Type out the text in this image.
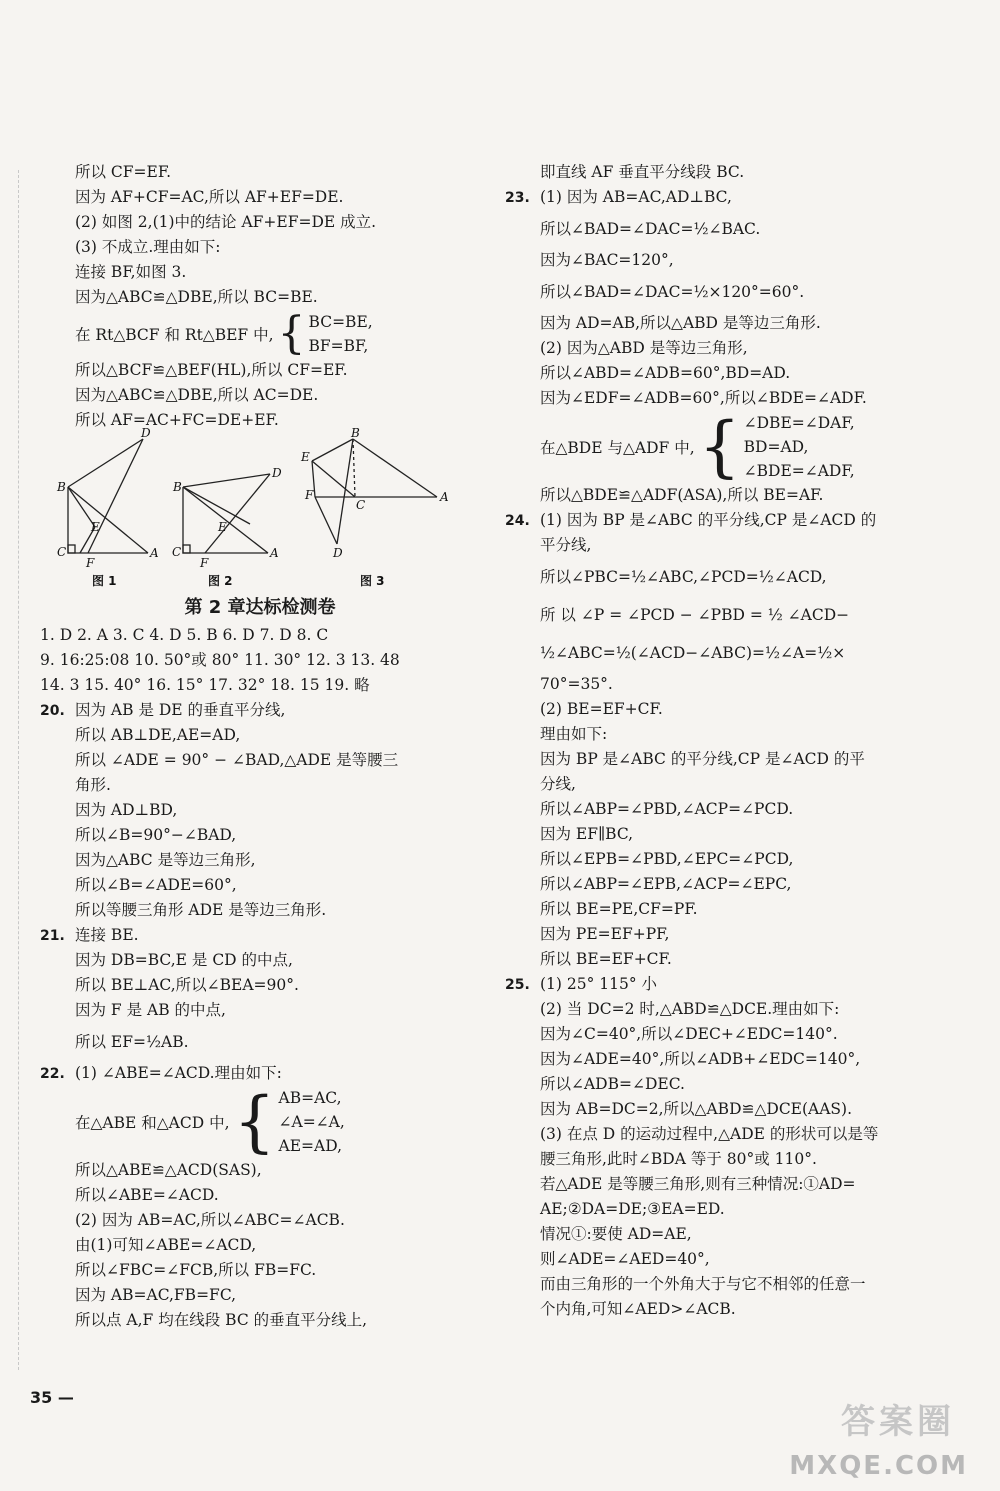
所以 CF=EF.
因为 AF+CF=AC,所以 AF+EF=DE.
(2) 如图 2,(1)中的结论 AF+EF=DE 成立.
(3) 不成立.理由如下:
连接 BF,如图 3.
因为△ABC≌△DBE,所以 BC=BE.
在 Rt△BCF 和 Rt△BEF 中, { BC=BE,
BF=BF,
所以△BCF≌△BEF(HL),所以 CF=EF.
因为△ABC≌△DBE,所以 AC=DE.
所以 AF=AC+FC=DE+EF.
D
B
E
C
F
A
D
B
E
C
F
A
B
E
F
C
A
D
图 1	图 2	图 3
第 2 章达标检测卷
1. D 2. A 3. C 4. D 5. B 6. D 7. D 8. C
9. 16:25:08 10. 50°或 80° 11. 30° 12. 3 13. 48
14. 3 15. 40° 16. 15° 17. 32° 18. 15 19. 略
20. 因为 AB 是 DE 的垂直平分线,
所以 AB⊥DE,AE=AD,
所以 ∠ADE = 90° − ∠BAD,△ADE 是等腰三
角形.
因为 AD⊥BD,
所以∠B=90°−∠BAD,
因为△ABC 是等边三角形,
所以∠B=∠ADE=60°,
所以等腰三角形 ADE 是等边三角形.
21. 连接 BE.
因为 DB=BC,E 是 CD 的中点,
所以 BE⊥AC,所以∠BEA=90°.
因为 F 是 AB 的中点,
所以 EF=½AB.
22. (1) ∠ABE=∠ACD.理由如下:
在△ABE 和△ACD 中, { AB=AC,
∠A=∠A,
AE=AD,
所以△ABE≌△ACD(SAS),
所以∠ABE=∠ACD.
(2) 因为 AB=AC,所以∠ABC=∠ACB.
由(1)可知∠ABE=∠ACD,
所以∠FBC=∠FCB,所以 FB=FC.
因为 AB=AC,FB=FC,
所以点 A,F 均在线段 BC 的垂直平分线上,
即直线 AF 垂直平分线段 BC.
23. (1) 因为 AB=AC,AD⊥BC,
所以∠BAD=∠DAC=½∠BAC.
因为∠BAC=120°,
所以∠BAD=∠DAC=½×120°=60°.
因为 AD=AB,所以△ABD 是等边三角形.
(2) 因为△ABD 是等边三角形,
所以∠ABD=∠ADB=60°,BD=AD.
因为∠EDF=∠ADB=60°,所以∠BDE=∠ADF.
在△BDE 与△ADF 中, { ∠DBE=∠DAF,
BD=AD,
∠BDE=∠ADF,
所以△BDE≌△ADF(ASA),所以 BE=AF.
24. (1) 因为 BP 是∠ABC 的平分线,CP 是∠ACD 的
平分线,
所以∠PBC=½∠ABC,∠PCD=½∠ACD,
所 以 ∠P = ∠PCD − ∠PBD = ½ ∠ACD−
½∠ABC=½(∠ACD−∠ABC)=½∠A=½×
70°=35°.
(2) BE=EF+CF.
理由如下:
因为 BP 是∠ABC 的平分线,CP 是∠ACD 的平
分线,
所以∠ABP=∠PBD,∠ACP=∠PCD.
因为 EF∥BC,
所以∠EPB=∠PBD,∠EPC=∠PCD,
所以∠ABP=∠EPB,∠ACP=∠EPC,
所以 BE=PE,CF=PF.
因为 PE=EF+PF,
所以 BE=EF+CF.
25. (1) 25° 115° 小
(2) 当 DC=2 时,△ABD≌△DCE.理由如下:
因为∠C=40°,所以∠DEC+∠EDC=140°.
因为∠ADE=40°,所以∠ADB+∠EDC=140°,
所以∠ADB=∠DEC.
因为 AB=DC=2,所以△ABD≌△DCE(AAS).
(3) 在点 D 的运动过程中,△ADE 的形状可以是等
腰三角形,此时∠BDA 等于 80°或 110°.
若△ADE 是等腰三角形,则有三种情况:①AD=
AE;②DA=DE;③EA=ED.
情况①:要使 AD=AE,
则∠ADE=∠AED=40°,
而由三角形的一个外角大于与它不相邻的任意一
个内角,可知∠AED>∠ACB.
35 —
答案圈
MXQE.COM
